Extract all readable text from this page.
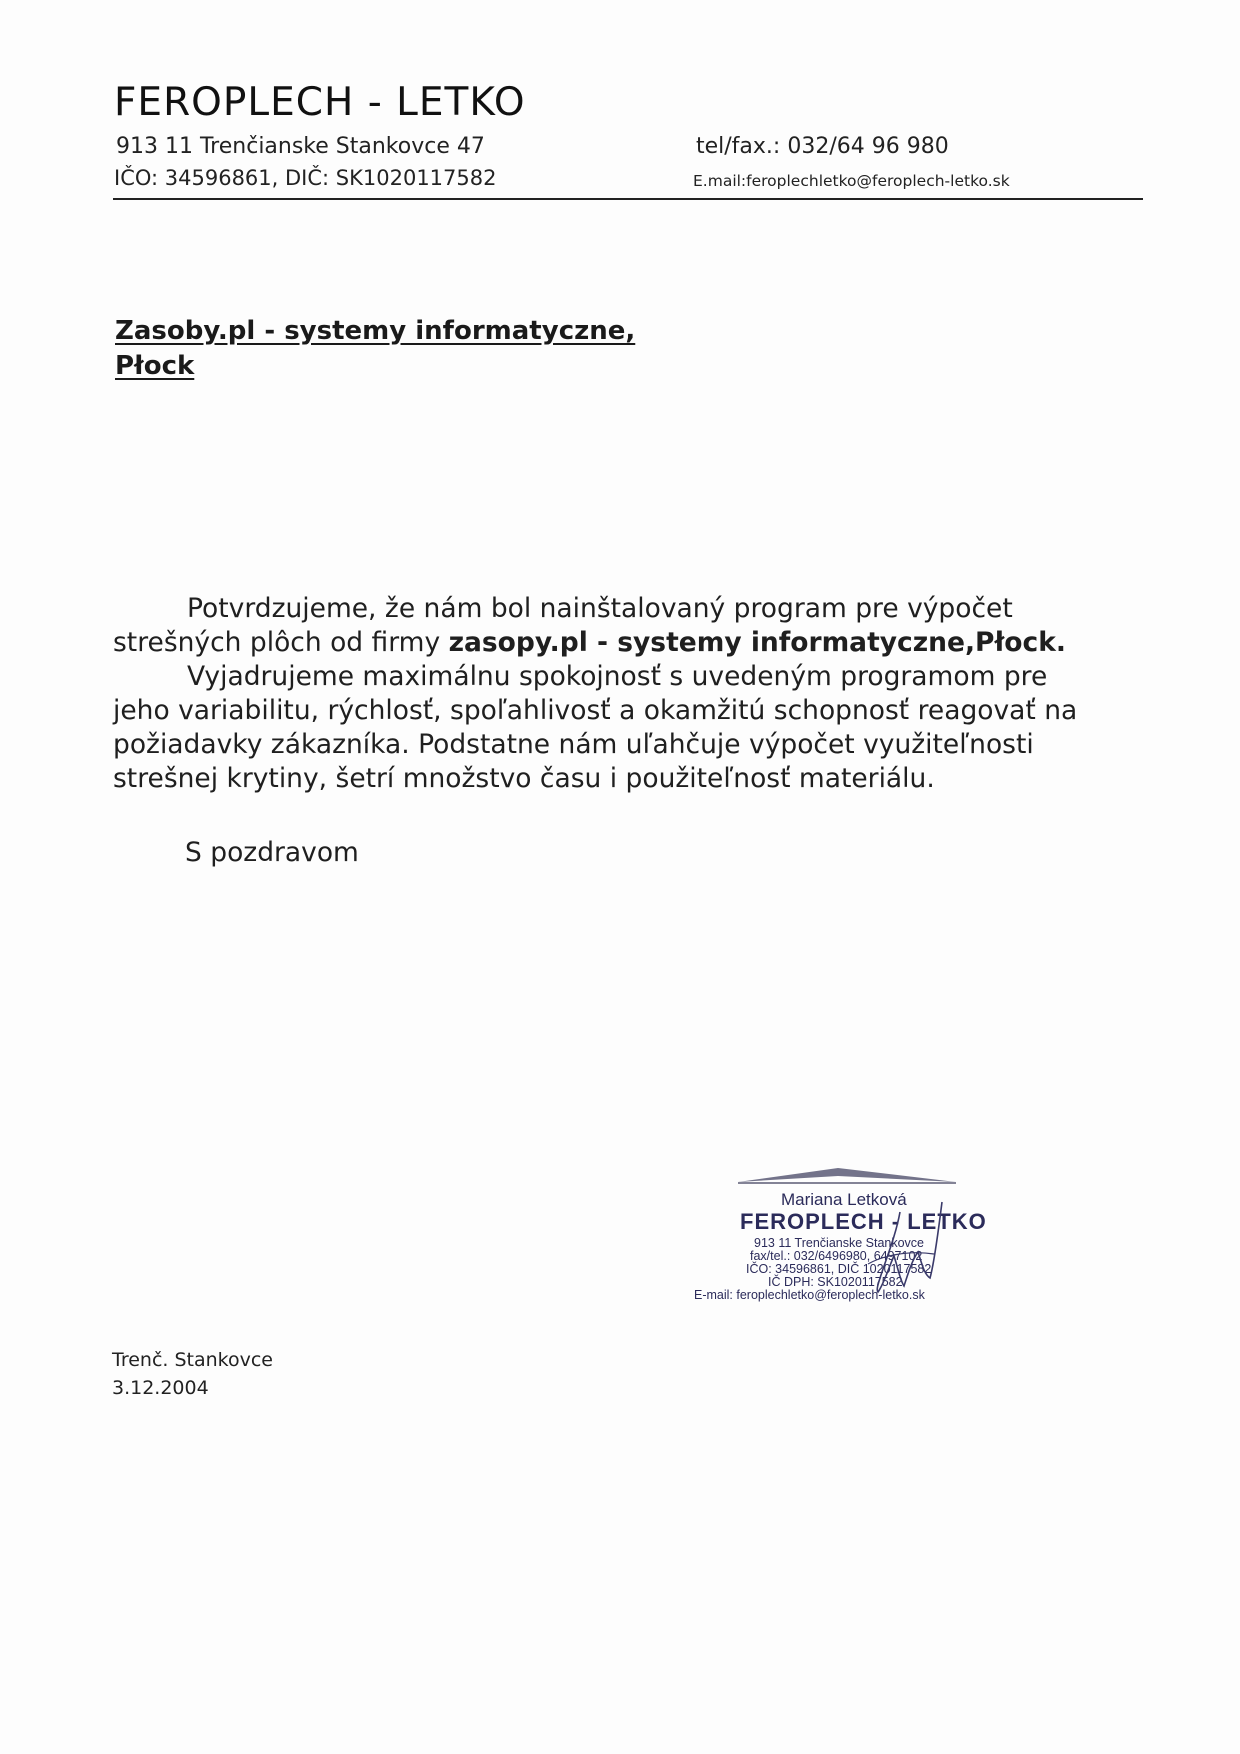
FEROPLECH - LETKO
913 11 Trenčianske Stankovce 47
IČO: 34596861, DIČ: SK1020117582
tel/fax.: 032/64 96 980
E.mail:feroplechletko@feroplech-letko.sk
Zasoby.pl - systemy informatyczne,
Płock
Potvrdzujeme, že nám bol nainštalovaný program pre výpočet
strešných plôch od firmy zasopy.pl - systemy informatyczne,Płock.
Vyjadrujeme maximálnu spokojnosť s uvedeným programom pre
jeho variabilitu, rýchlosť, spoľahlivosť a okamžitú schopnosť reagovať na
požiadavky zákazníka. Podstatne nám uľahčuje výpočet využiteľnosti
strešnej krytiny, šetrí množstvo času i použiteľnosť materiálu.
S pozdravom
Mariana Letková
FEROPLECH - LETKO
913 11 Trenčianske Stankovce
fax/tel.: 032/6496980, 6497102
IČO: 34596861, DIČ 1020117582
IČ DPH: SK1020117582
E-mail: feroplechletko@feroplech-letko.sk
Trenč. Stankovce
3.12.2004
